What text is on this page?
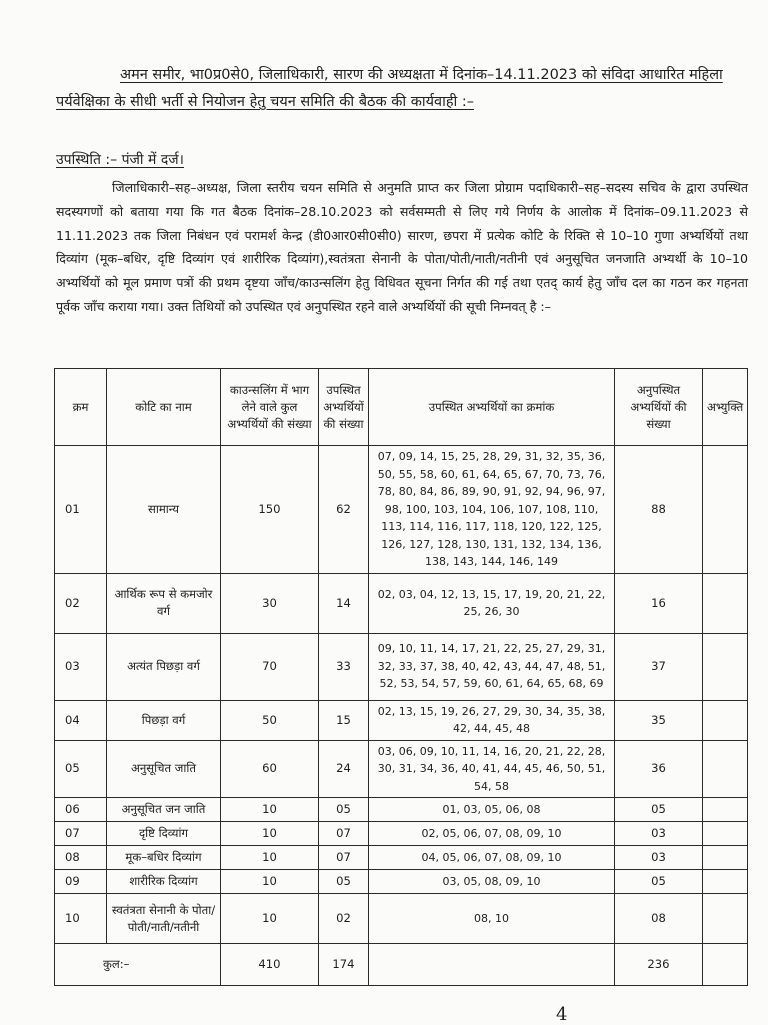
अमन समीर, भा0प्र0से0, जिलाधिकारी, सारण की अध्यक्षता में दिनांक–14.11.2023 को संविदा आधारित महिला पर्यवेक्षिका के सीधी भर्ती से नियोजन हेतु चयन समिति की बैठक की कार्यवाही :–
उपस्थिति :– पंजी में दर्ज।
जिलाधिकारी–सह–अध्यक्ष, जिला स्तरीय चयन समिति से अनुमति प्राप्त कर जिला प्रोग्राम पदाधिकारी–सह–सदस्य सचिव के द्वारा उपस्थित सदस्यगणों को बताया गया कि गत बैठक दिनांक–28.10.2023 को सर्वसम्मती से लिए गये निर्णय के आलोक में दिनांक–09.11.2023 से 11.11.2023 तक जिला निबंधन एवं परामर्श केन्द्र (डी0आर0सी0सी0) सारण, छपरा में प्रत्येक कोटि के रिक्ति से 10–10 गुणा अभ्यर्थियों तथा दिव्यांग (मूक–बधिर, दृष्टि दिव्यांग एवं शारीरिक दिव्यांग),स्वतंत्रता सेनानी के पोता/पोती/नाती/नतीनी एवं अनुसूचित जनजाति अभ्यर्थी के 10–10 अभ्यर्थियों को मूल प्रमाण पत्रों की प्रथम दृष्टया जाँच/काउन्सलिंग हेतु विधिवत सूचना निर्गत की गई तथा एतद् कार्य हेतु जाँच दल का गठन कर गहनता पूर्वक जाँच कराया गया। उक्त तिथियों को उपस्थित एवं अनुपस्थित रहने वाले अभ्यर्थियों की सूची निम्नवत् है :–
क्रम	कोटि का नाम	काउन्सलिंग में भाग लेने वाले कुल अभ्यर्थियों की संख्या	उपस्थित अभ्यर्थियों की संख्या	उपस्थित अभ्यर्थियों का क्रमांक	अनुपस्थित अभ्यर्थियों की संख्या	अभ्युक्ति
01	सामान्य	150	62	07, 09, 14, 15, 25, 28, 29, 31, 32, 35, 36, 50, 55, 58, 60, 61, 64, 65, 67, 70, 73, 76, 78, 80, 84, 86, 89, 90, 91, 92, 94, 96, 97, 98, 100, 103, 104, 106, 107, 108, 110, 113, 114, 116, 117, 118, 120, 122, 125, 126, 127, 128, 130, 131, 132, 134, 136, 138, 143, 144, 146, 149	88	
02	आर्थिक रूप से कमजोर वर्ग	30	14	02, 03, 04, 12, 13, 15, 17, 19, 20, 21, 22, 25, 26, 30	16	
03	अत्यंत पिछड़ा वर्ग	70	33	09, 10, 11, 14, 17, 21, 22, 25, 27, 29, 31, 32, 33, 37, 38, 40, 42, 43, 44, 47, 48, 51, 52, 53, 54, 57, 59, 60, 61, 64, 65, 68, 69	37	
04	पिछड़ा वर्ग	50	15	02, 13, 15, 19, 26, 27, 29, 30, 34, 35, 38, 42, 44, 45, 48	35	
05	अनुसूचित जाति	60	24	03, 06, 09, 10, 11, 14, 16, 20, 21, 22, 28, 30, 31, 34, 36, 40, 41, 44, 45, 46, 50, 51, 54, 58	36	
06	अनुसूचित जन जाति	10	05	01, 03, 05, 06, 08	05	
07	दृष्टि दिव्यांग	10	07	02, 05, 06, 07, 08, 09, 10	03	
08	मूक–बधिर दिव्यांग	10	07	04, 05, 06, 07, 08, 09, 10	03	
09	शारीरिक दिव्यांग	10	05	03, 05, 08, 09, 10	05	
10	स्वतंत्रता सेनानी के पोता/पोती/नाती/नतीनी	10	02	08, 10	08	
कुल:–		410	174		236	
4
